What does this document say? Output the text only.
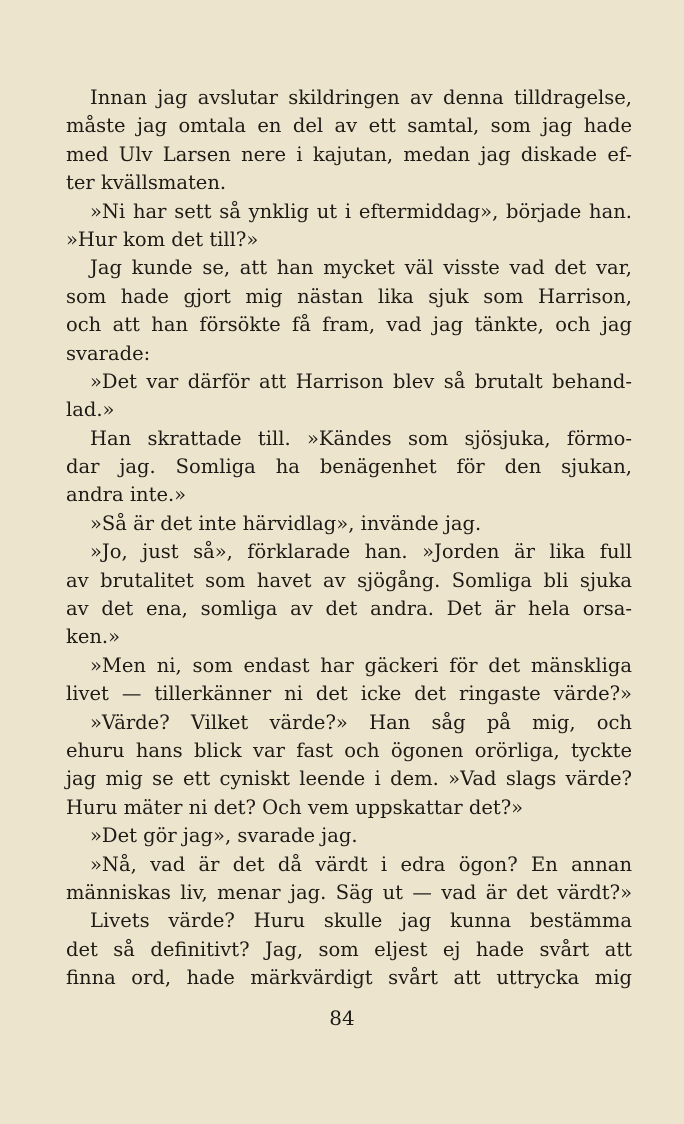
Innan jag avslutar skildringen av denna tilldragelse,
måste jag omtala en del av ett samtal, som jag hade
med Ulv Larsen nere i kajutan, medan jag diskade ef-
ter kvällsmaten.
»Ni har sett så ynklig ut i eftermiddag», började han.
»Hur kom det till?»
Jag kunde se, att han mycket väl visste vad det var,
som hade gjort mig nästan lika sjuk som Harrison,
och att han försökte få fram, vad jag tänkte, och jag
svarade:
»Det var därför att Harrison blev så brutalt behand-
lad.»
Han skrattade till. »Kändes som sjösjuka, förmo-
dar jag. Somliga ha benägenhet för den sjukan,
andra inte.»
»Så är det inte härvidlag», invände jag.
»Jo, just så», förklarade han. »Jorden är lika full
av brutalitet som havet av sjögång. Somliga bli sjuka
av det ena, somliga av det andra. Det är hela orsa-
ken.»
»Men ni, som endast har gäckeri för det mänskliga
livet — tillerkänner ni det icke det ringaste värde?»
»Värde? Vilket värde?» Han såg på mig, och
ehuru hans blick var fast och ögonen orörliga, tyckte
jag mig se ett cyniskt leende i dem. »Vad slags värde?
Huru mäter ni det? Och vem uppskattar det?»
»Det gör jag», svarade jag.
»Nå, vad är det då värdt i edra ögon? En annan
människas liv, menar jag. Säg ut — vad är det värdt?»
Livets värde? Huru skulle jag kunna bestämma
det så definitivt? Jag, som eljest ej hade svårt att
finna ord, hade märkvärdigt svårt att uttrycka mig
84
